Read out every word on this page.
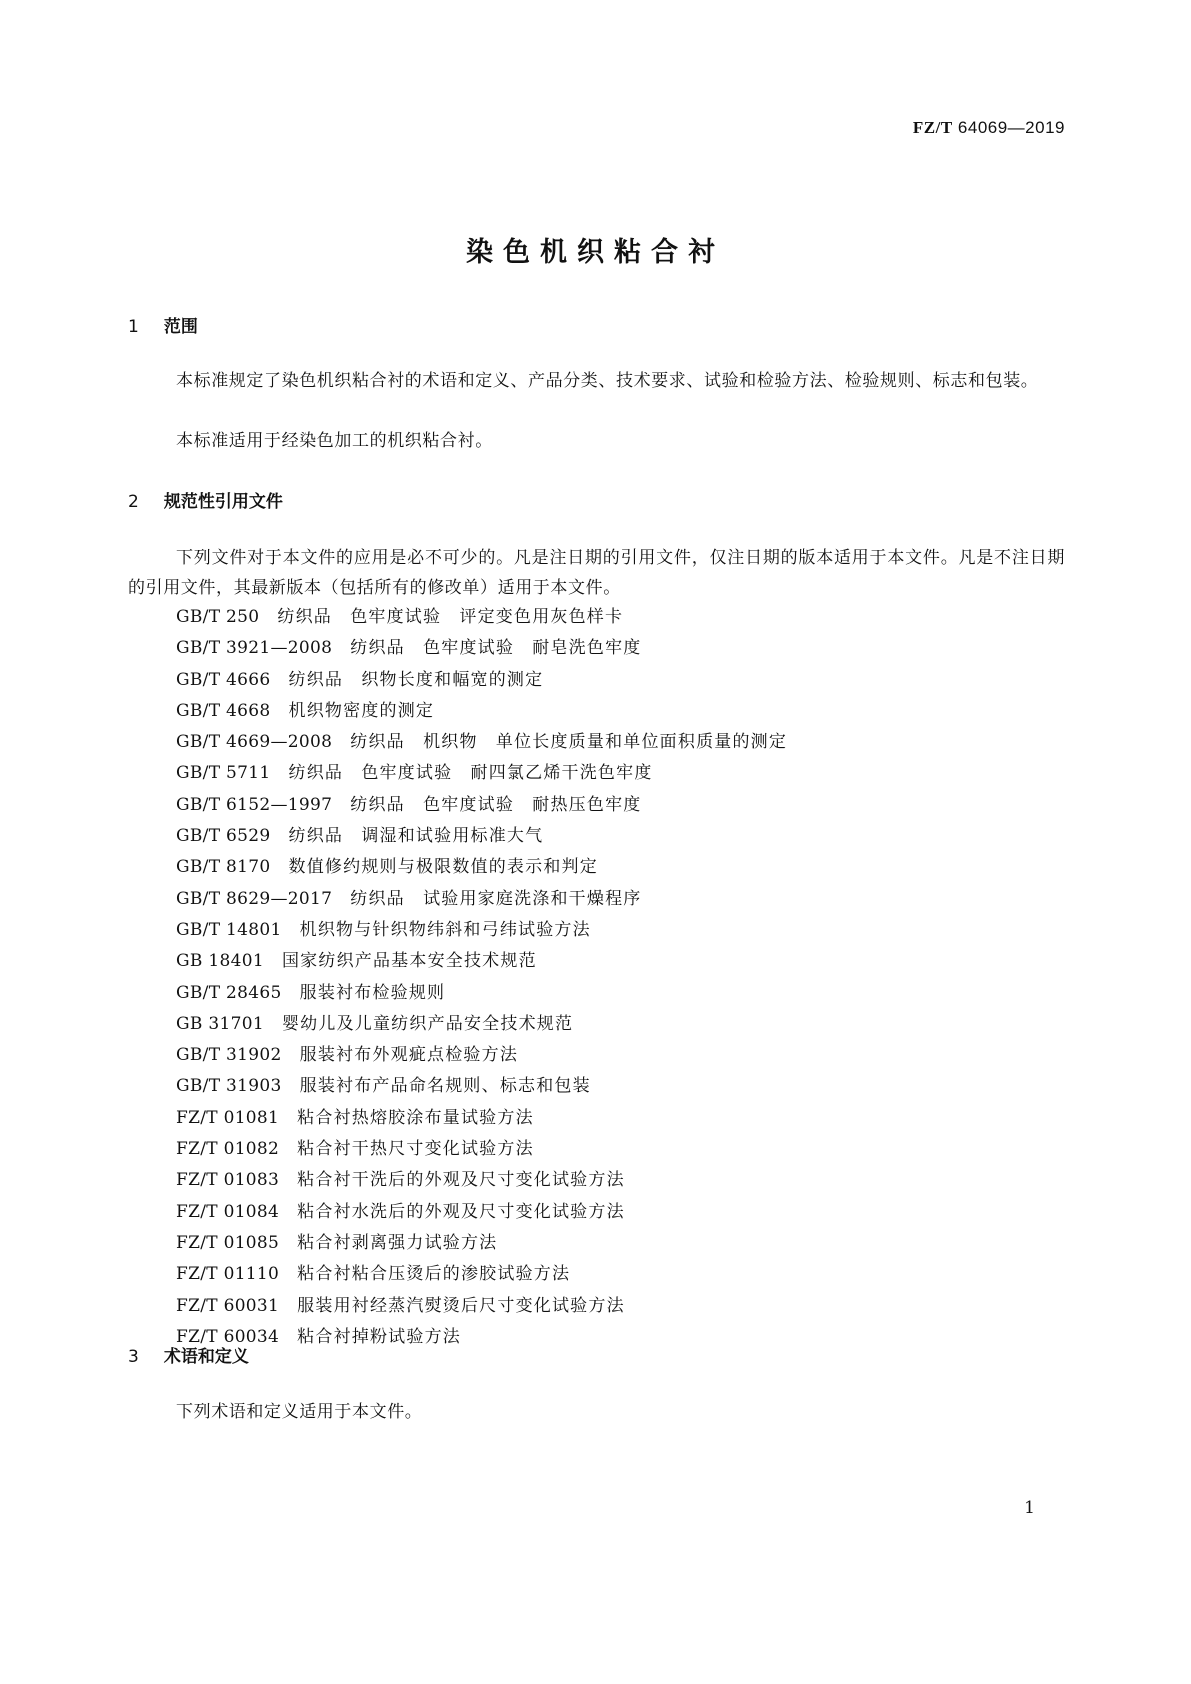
FZ/T 64069—2019
染色机织粘合衬
1 范围
本标准规定了染色机织粘合衬的术语和定义、产品分类、技术要求、试验和检验方法、检验规则、标志和包装。
本标准适用于经染色加工的机织粘合衬。
2 规范性引用文件
下列文件对于本文件的应用是必不可少的。凡是注日期的引用文件，仅注日期的版本适用于本文件。凡是不注日期的引用文件，其最新版本（包括所有的修改单）适用于本文件。
GB/T 250 纺织品　色牢度试验　评定变色用灰色样卡
GB/T 3921—2008 纺织品　色牢度试验　耐皂洗色牢度
GB/T 4666 纺织品　织物长度和幅宽的测定
GB/T 4668 机织物密度的测定
GB/T 4669—2008 纺织品　机织物　单位长度质量和单位面积质量的测定
GB/T 5711 纺织品　色牢度试验　耐四氯乙烯干洗色牢度
GB/T 6152—1997 纺织品　色牢度试验　耐热压色牢度
GB/T 6529 纺织品　调湿和试验用标准大气
GB/T 8170 数值修约规则与极限数值的表示和判定
GB/T 8629—2017 纺织品　试验用家庭洗涤和干燥程序
GB/T 14801 机织物与针织物纬斜和弓纬试验方法
GB 18401 国家纺织产品基本安全技术规范
GB/T 28465 服装衬布检验规则
GB 31701 婴幼儿及儿童纺织产品安全技术规范
GB/T 31902 服装衬布外观疵点检验方法
GB/T 31903 服装衬布产品命名规则、标志和包装
FZ/T 01081 粘合衬热熔胶涂布量试验方法
FZ/T 01082 粘合衬干热尺寸变化试验方法
FZ/T 01083 粘合衬干洗后的外观及尺寸变化试验方法
FZ/T 01084 粘合衬水洗后的外观及尺寸变化试验方法
FZ/T 01085 粘合衬剥离强力试验方法
FZ/T 01110 粘合衬粘合压烫后的渗胶试验方法
FZ/T 60031 服装用衬经蒸汽熨烫后尺寸变化试验方法
FZ/T 60034 粘合衬掉粉试验方法
3 术语和定义
下列术语和定义适用于本文件。
1
